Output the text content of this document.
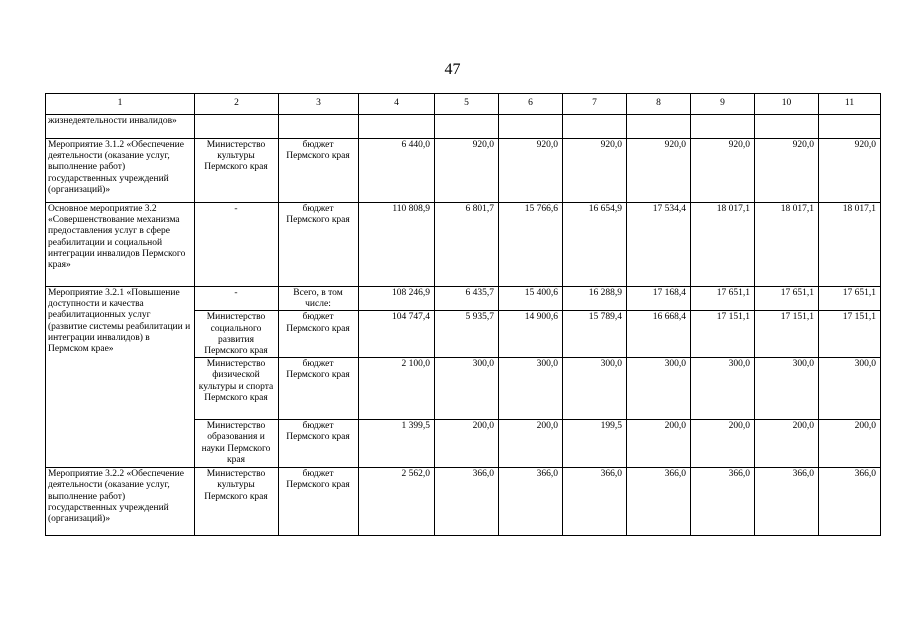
47
1	2	3	4	5	6	7	8	9	10	11
жизнедеятельности инвалидов»										
Мероприятие 3.1.2 «Обеспечение деятельности (оказание услуг, выполнение работ) государственных учреждений (организаций)»	Министерство культуры Пермского края	бюджет Пермского края	6 440,0	920,0	920,0	920,0	920,0	920,0	920,0	920,0
Основное мероприятие 3.2 «Совершенствование механизма предоставления услуг в сфере реабилитации и социальной интеграции инвалидов Пермского края»	-	бюджет Пермского края	110 808,9	6 801,7	15 766,6	16 654,9	17 534,4	18 017,1	18 017,1	18 017,1
Мероприятие 3.2.1 «Повышение доступности и качества реабилитационных услуг (развитие системы реабилитации и интеграции инвалидов) в Пермском крае»	-	Всего, в том числе:	108 246,9	6 435,7	15 400,6	16 288,9	17 168,4	17 651,1	17 651,1	17 651,1
	Министерство социального развития Пермского края	бюджет Пермского края	104 747,4	5 935,7	14 900,6	15 789,4	16 668,4	17 151,1	17 151,1	17 151,1
	Министерство физической культуры и спорта Пермского края	бюджет Пермского края	2 100,0	300,0	300,0	300,0	300,0	300,0	300,0	300,0
	Министерство образования и науки Пермского края	бюджет Пермского края	1 399,5	200,0	200,0	199,5	200,0	200,0	200,0	200,0
Мероприятие 3.2.2 «Обеспечение деятельности (оказание услуг, выполнение работ) государственных учреждений (организаций)»	Министерство культуры Пермского края	бюджет Пермского края	2 562,0	366,0	366,0	366,0	366,0	366,0	366,0	366,0
